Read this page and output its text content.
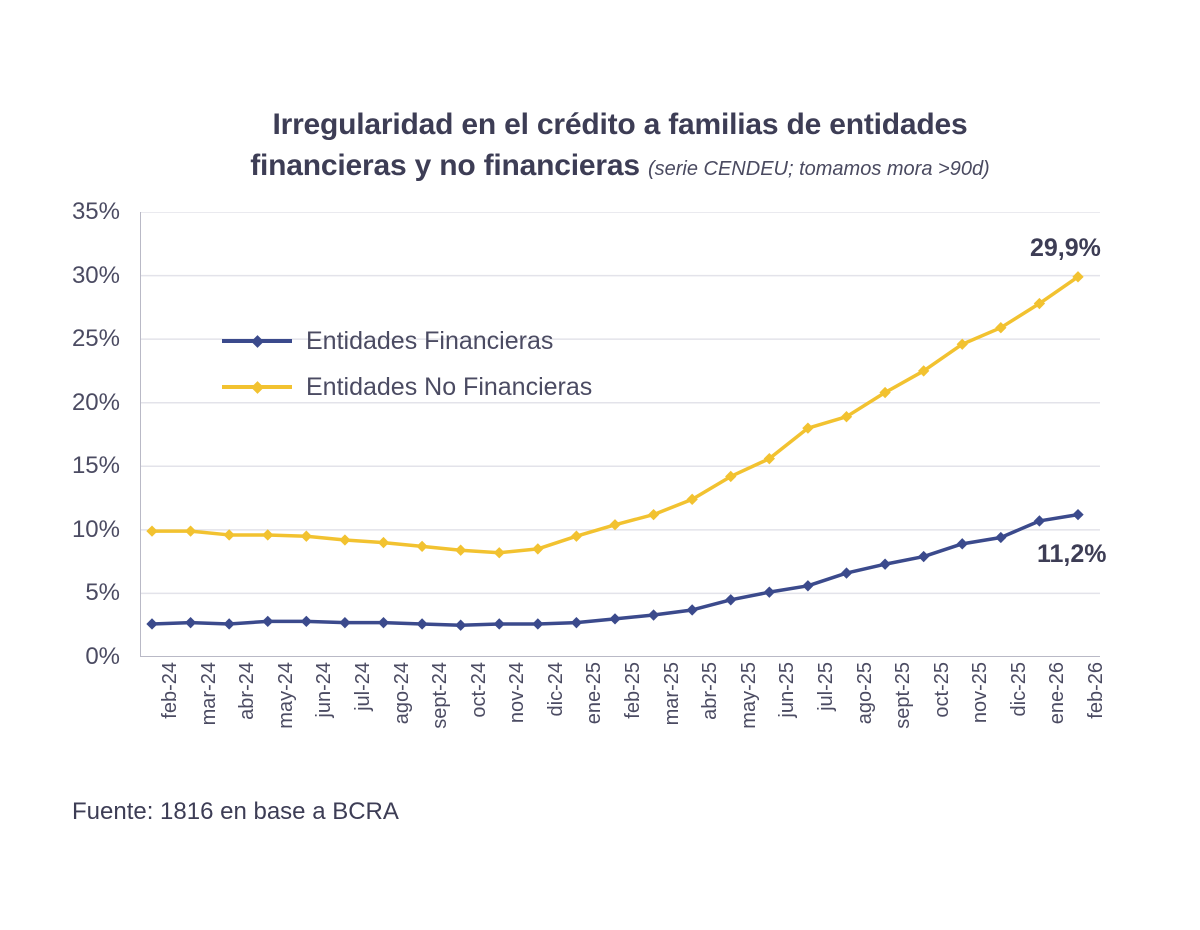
Irregularidad en el crédito a familias de entidades
financieras y no financieras (serie CENDEU; tomamos mora >90d)
0%
5%
10%
15%
20%
25%
30%
35%
feb-24 mar-24 abr-24 may-24 jun-24 jul-24 ago-24 sept-24 oct-24 nov-24 dic-24 ene-25 feb-25 mar-25 abr-25 may-25 jun-25 jul-25 ago-25 sept-25 oct-25 nov-25 dic-25 ene-26 feb-26
Entidades Financieras
Entidades No Financieras
29,9%
11,2%
Fuente: 1816 en base a BCRA
